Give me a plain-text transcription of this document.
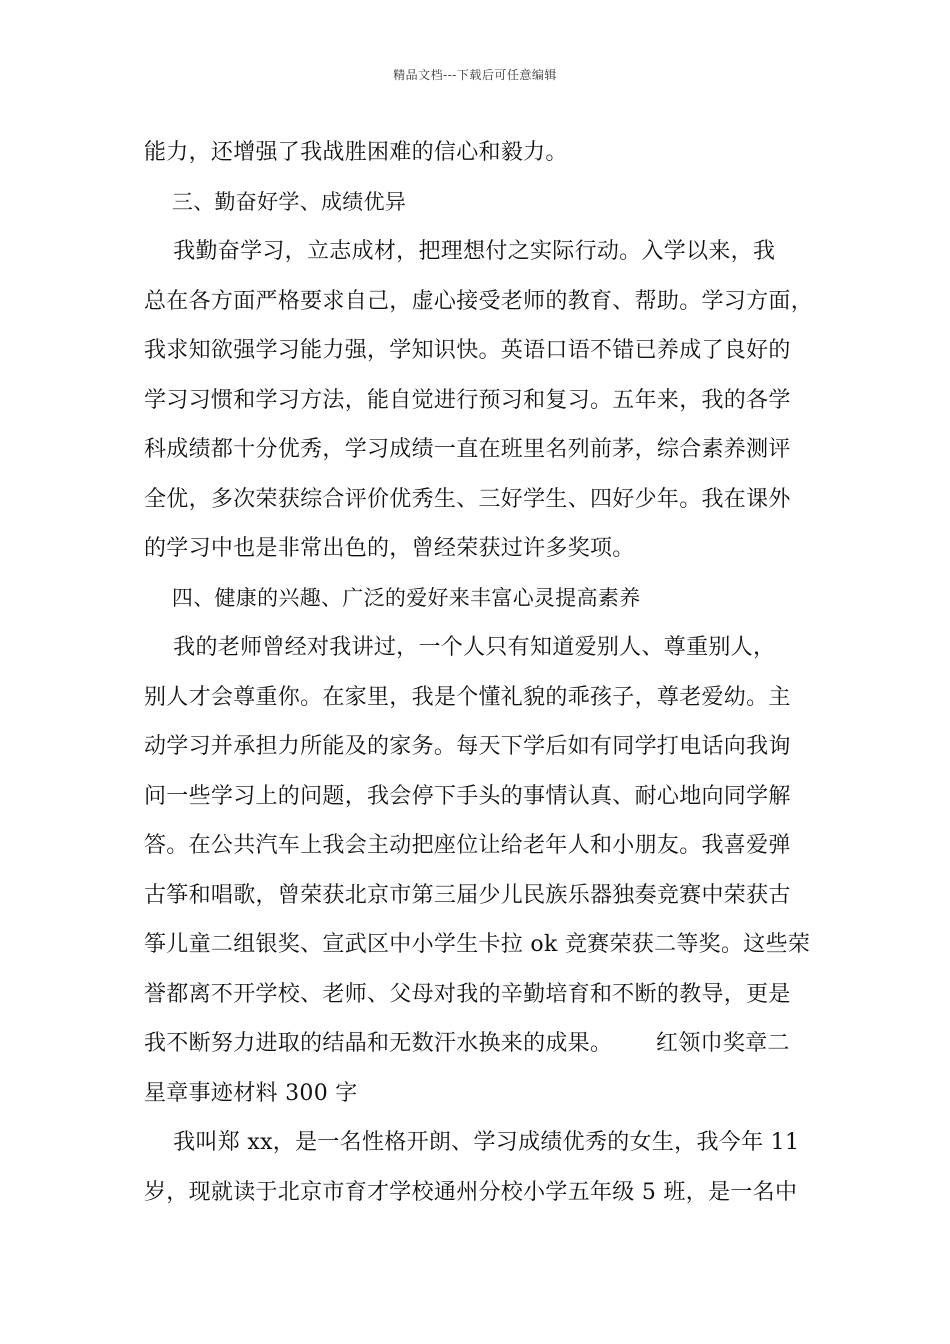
精品文档---下载后可任意编辑
能力，还增强了我战胜困难的信心和毅力。
三、勤奋好学、成绩优异
我勤奋学习，立志成材，把理想付之实际行动。入学以来，我
总在各方面严格要求自己，虚心接受老师的教育、帮助。学习方面，
我求知欲强学习能力强，学知识快。英语口语不错已养成了良好的
学习习惯和学习方法，能自觉进行预习和复习。五年来，我的各学
科成绩都十分优秀，学习成绩一直在班里名列前茅，综合素养测评
全优，多次荣获综合评价优秀生、三好学生、四好少年。我在课外
的学习中也是非常出色的，曾经荣获过许多奖项。
四、健康的兴趣、广泛的爱好来丰富心灵提高素养
我的老师曾经对我讲过，一个人只有知道爱别人、尊重别人，
别人才会尊重你。在家里，我是个懂礼貌的乖孩子，尊老爱幼。主
动学习并承担力所能及的家务。每天下学后如有同学打电话向我询
问一些学习上的问题，我会停下手头的事情认真、耐心地向同学解
答。在公共汽车上我会主动把座位让给老年人和小朋友。我喜爱弹
古筝和唱歌，曾荣获北京市第三届少儿民族乐器独奏竞赛中荣获古
筝儿童二组银奖、宣武区中小学生卡拉 ok 竞赛荣获二等奖。这些荣
誉都离不开学校、老师、父母对我的辛勤培育和不断的教导，更是
我不断努力进取的结晶和无数汗水换来的成果。      红领巾奖章二
星章事迹材料 300 字
我叫郑 xx，是一名性格开朗、学习成绩优秀的女生，我今年 11
岁，现就读于北京市育才学校通州分校小学五年级 5 班，是一名中
